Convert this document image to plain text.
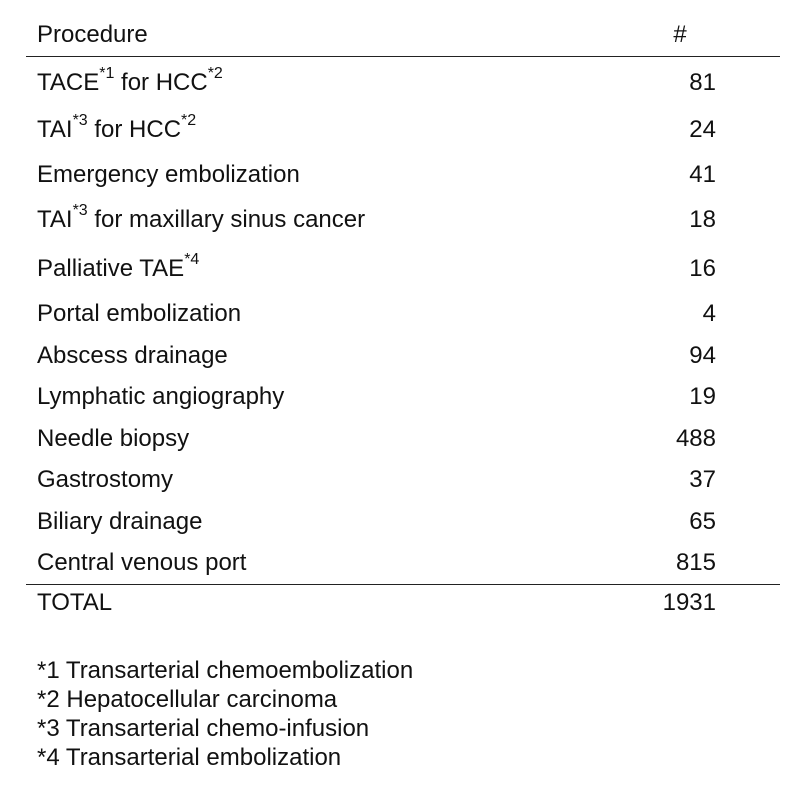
Procedure	#
TACE$^{*1}$ for HCC$^{*2}$	81
TAI$^{*3}$ for HCC$^{*2}$	24
Emergency embolization	41
TAI$^{*3}$ for maxillary sinus cancer	18
Palliative TAE$^{*4}$	16
Portal embolization	4
Abscess drainage	94
Lymphatic angiography	19
Needle biopsy	488
Gastrostomy	37
Biliary drainage	65
Central venous port	815
TOTAL	1931
*1 Transarterial chemoembolization
*2 Hepatocellular carcinoma
*3 Transarterial chemo-infusion
*4 Transarterial embolization
